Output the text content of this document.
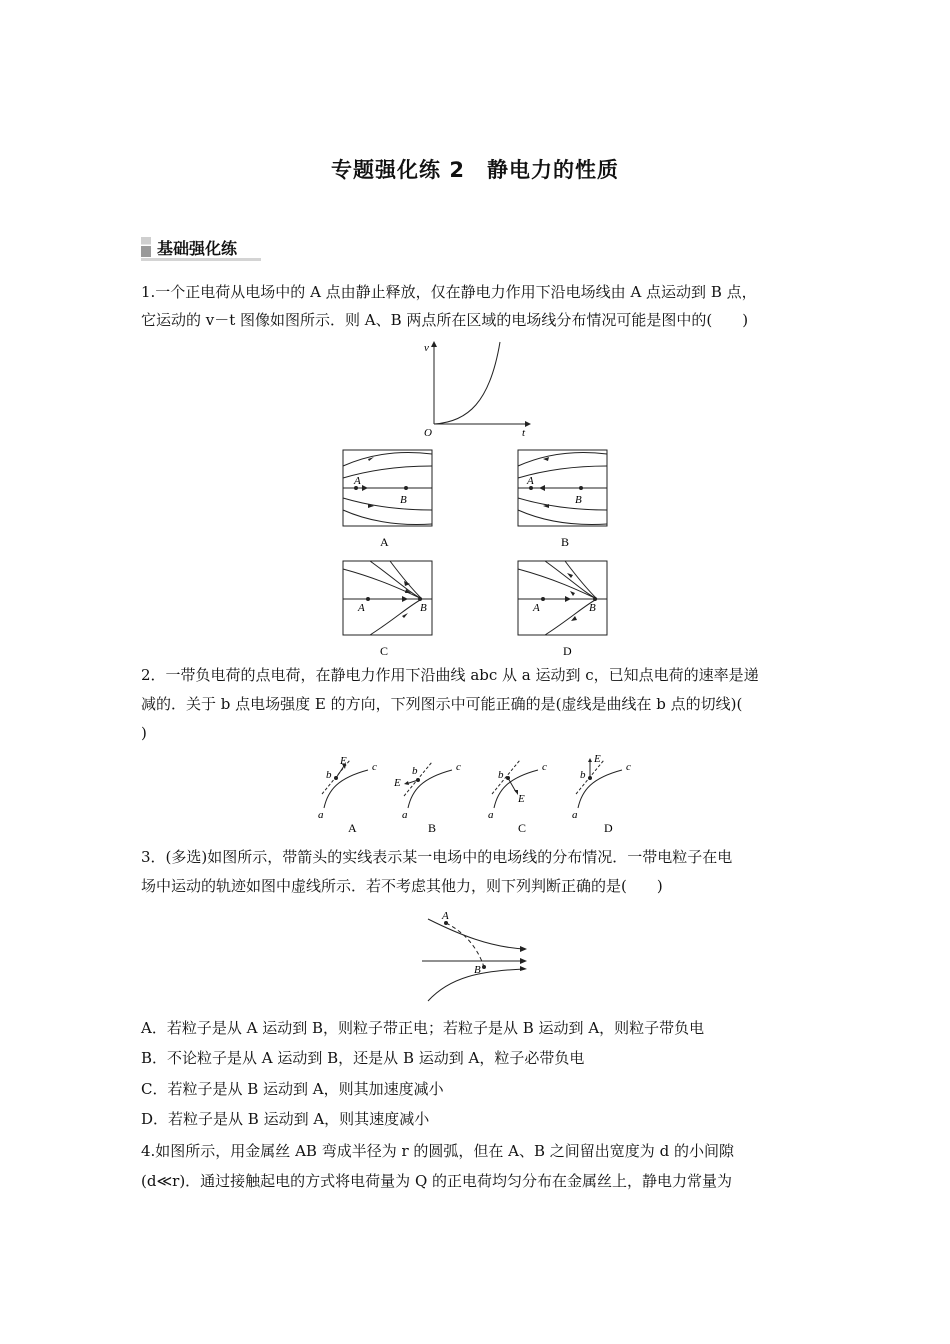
专题强化练 2　静电力的性质
基础强化练
1.一个正电荷从电场中的 A 点由静止释放，仅在静电力作用下沿电场线由 A 点运动到 B 点，
它运动的 v－t 图像如图所示．则 A、B 两点所在区域的电场线分布情况可能是图中的(　　)
v
t
O
A
B
A
A
B
B
A	B
C
A	B
D
2．一带负电荷的点电荷，在静电力作用下沿曲线 abc 从 a 运动到 c，已知点电荷的速率是递
减的．关于 b 点电场强度 E 的方向，下列图示中可能正确的是(虚线是曲线在 b 点的切线)(
)
a
b
c
E
A
a
b	c
E
B
a
b
c
E
C
a
b
c
E
D
3．(多选)如图所示，带箭头的实线表示某一电场中的电场线的分布情况．一带电粒子在电
场中运动的轨迹如图中虚线所示．若不考虑其他力，则下列判断正确的是(　　)
A
B
A．若粒子是从 A 运动到 B，则粒子带正电；若粒子是从 B 运动到 A，则粒子带负电
B．不论粒子是从 A 运动到 B，还是从 B 运动到 A，粒子必带负电
C．若粒子是从 B 运动到 A，则其加速度减小
D．若粒子是从 B 运动到 A，则其速度减小
4.如图所示，用金属丝 AB 弯成半径为 r 的圆弧，但在 A、B 之间留出宽度为 d 的小间隙
(d≪r)．通过接触起电的方式将电荷量为 Q 的正电荷均匀分布在金属丝上，静电力常量为
